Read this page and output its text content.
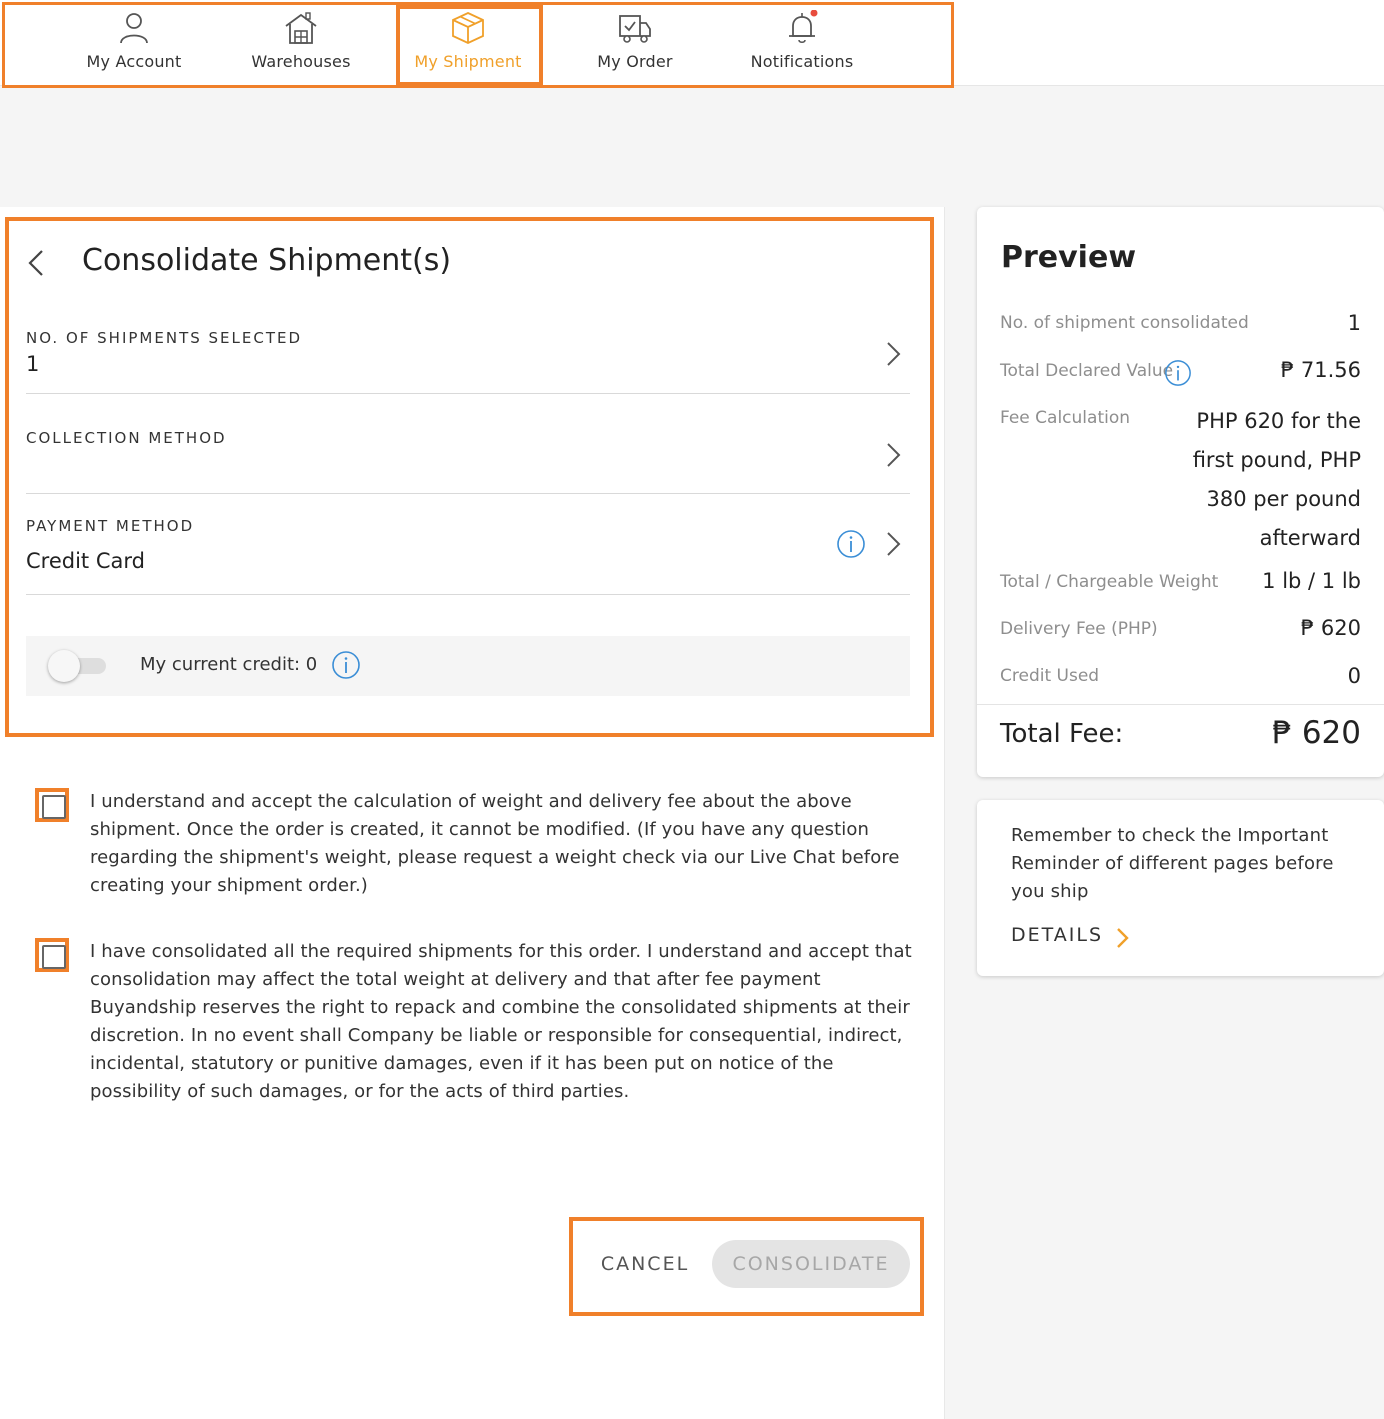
My Account	Warehouses	My Shipment	My Order	Notifications
Consolidate Shipment(s)
NO. OF SHIPMENTS SELECTED
1
COLLECTION METHOD
PAYMENT METHOD
Credit Card
My current credit: 0

I understand and accept the calculation of weight and delivery fee about the above shipment. Once the order is created, it cannot be modified. (If you have any question regarding the shipment's weight, please request a weight check via our Live Chat before creating your shipment order.)

I have consolidated all the required shipments for this order. I understand and accept that consolidation may affect the total weight at delivery and that after fee payment Buyandship reserves the right to repack and combine the consolidated shipments at their discretion. In no event shall Company be liable or responsible for consequential, indirect, incidental, statutory or punitive damages, even if it has been put on notice of the possibility of such damages, or for the acts of third parties.

CANCEL	CONSOLIDATE
Preview
No. of shipment consolidated	1
Total Declared Value	₱ 71.56
Fee Calculation	PHP 620 for the first pound, PHP 380 per pound afterward
Total / Chargeable Weight 1 lb / 1 lb
Delivery Fee (PHP)	₱ 620
Credit Used	0
Total Fee:	₱ 620

Remember to check the Important Reminder of different pages before you ship

DETAILS
